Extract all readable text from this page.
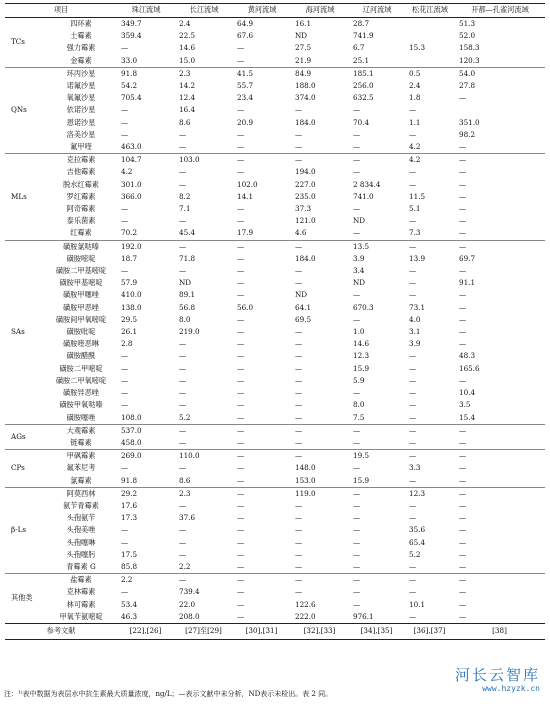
项目		珠江流域	长江流域	黄河流域	海河流域	辽河流域	松花江流域	开都—孔雀河流域
TCs	四环素	349.7	2.4	64.9	16.1	28.7		51.3
	土霉素	359.4	22.5	67.6	ND	741.9		52.0
	强力霉素	—	14.6	—	27.5	6.7	15.3	158.3
	金霉素	33.0	15.0	—	21.9	25.1		120.3
QNs	环丙沙星	91.8	2.3	41.5	84.9	185.1	0.5	54.0
	诺氟沙星	54.2	14.2	55.7	188.0	256.0	2.4	27.8
	氧氟沙星	705.4	12.4	23.4	374.0	632.5	1.8	—
	依诺沙星	—	16.4	—	—	—	—	
	恩诺沙星	—	8.6	20.9	184.0	70.4	1.1	351.0
	洛美沙星	—	—	—	—	—	—	98.2
	氟甲喹	463.0	—	—	—	—	4.2	—
MLs	克拉霉素	104.7	103.0	—	—	—	4.2	—
	吉他霉素	4.2	—	—	194.0	—	—	—
	脱水红霉素	301.0	—	102.0	227.0	2 834.4	—	—
	罗红霉素	366.0	8.2	14.1	235.0	741.0	11.5	—
	阿奇霉素	—	7.1	—	37.3	—	5.1	—
	泰乐菌素	—	—	—	121.0	ND	—	—
	红霉素	70.2	45.4	17.9	4.6	—	7.3	—
SAs	磺胺氯哒嗪	192.0	—	—	—	13.5	—	—
	磺胺嘧啶	18.7	71.8	—	184.0	3.9	13.9	69.7
	磺胺二甲基嘧啶	—	—	—	—	3.4	—	—
	磺胺甲基嘧啶	57.9	ND	—	—	ND	—	91.1
	磺胺甲噻唑	410.0	89.1	—	ND	—	—	—
	磺胺甲恶唑	138.0	56.8	56.0	64.1	670.3	73.1	—
	磺胺间甲氧嘧啶	29.5	8.0	—	69.5	—	4.0	—
	磺胺吡啶	26.1	219.0	—	—	1.0	3.1	—
	磺胺喹恶啉	2.8	—	—	—	14.6	3.9	—
	磺胺醋酰	—	—	—	—	12.3	—	48.3
	磺胺二甲嘧啶	—	—	—	—	15.9	—	165.6
	磺胺二甲氧嘧啶	—	—	—	—	5.9	—	—
	磺胺异恶唑	—	—	—	—	—	—	10.4
	磺胺甲氧哒嗪	—	—	—	—	8.0	—	3.5
	磺胺噻唑	108.0	5.2	—	—	7.5	—	15.4
AGs	大观霉素	537.0	—	—	—	—	—	—
	链霉素	458.0	—	—	—	—	—	—
CPs	甲砜霉素	269.0	110.0	—	—	19.5	—	—
	氟苯尼考	—	—	—	148.0	—	3.3	—
	氯霉素	91.8	8.6	—	153.0	15.9	—	—
β-Ls	阿莫西林	29.2	2.3	—	119.0	—	12.3	—
	氨苄青霉素	17.6	—	—	—	—	—	—
	头孢氨苄	17.3	37.6	—	—	—	—	—
	头孢美唑	—	—	—	—	—	35.6	—
	头孢噻啉	—	—	—	—	—	65.4	—
	头孢噻肟	17.5	—	—	—	—	5.2	—
	青霉素 G	85.8	2.2	—	—	—	—	—
其他类	盐霉素	2.2	—	—	—	—	—	—
	克林霉素	—	739.4	—	—	—	—	—
	林可霉素	53.4	22.0	—	122.6	—	10.1	—
	甲氧苄氨嘧啶	46.3	208.0	—	222.0	976.1	—	—
参考文献		[22],[26]	[27]至[29]	[30],[31]	[32],[33]	[34],[35]	[36],[37]	[38]
注：¹⁾表中数据为表层水中抗生素最大质量浓度，ng/L；—表示文献中未分析，ND表示未检出。表 2 同。
河长云智库
www.hzyzk.cn
